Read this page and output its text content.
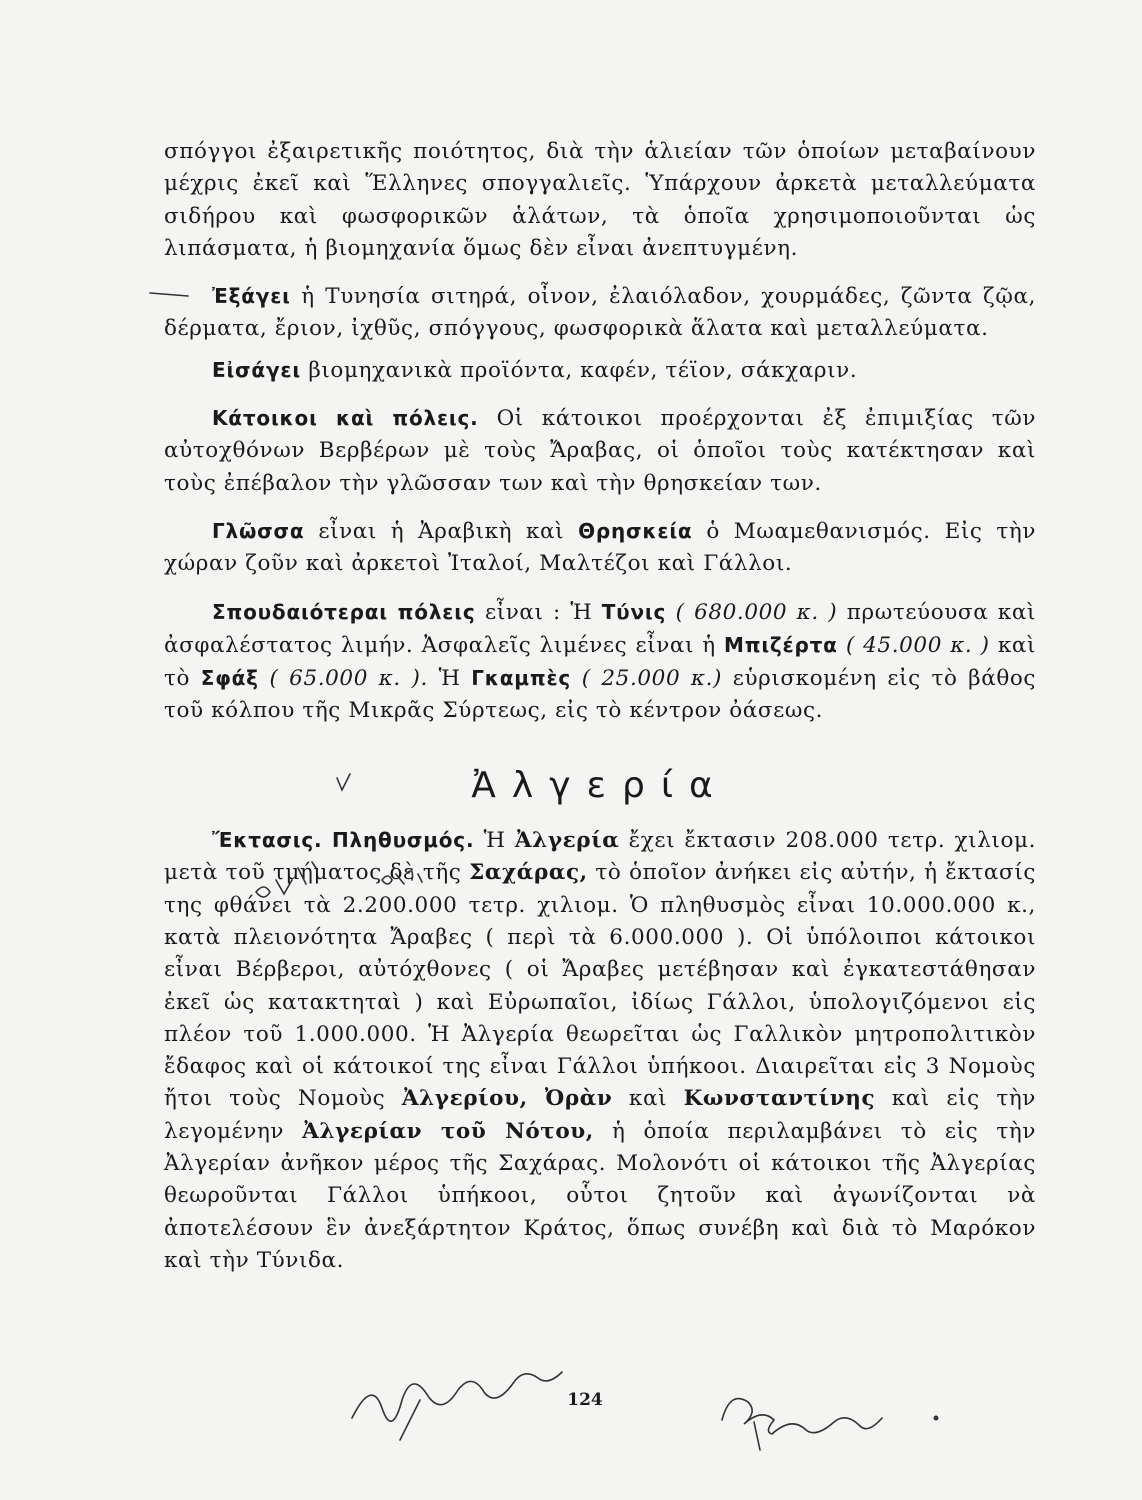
σπόγγοι ἐξαιρετικῆς ποιότητος, διὰ τὴν ἁλιείαν τῶν ὁποίων μεταβαίνουν μέχρις ἐκεῖ καὶ Ἕλληνες σπογγαλιεῖς. Ὑπάρχουν ἀρκετὰ μεταλλεύματα σιδήρου καὶ φωσφορικῶν ἁλάτων, τὰ ὁποῖα χρησιμοποιοῦνται ὡς λιπάσματα, ἡ βιομηχανία ὅμως δὲν εἶναι ἀνεπτυγμένη.

Ἐξάγει ἡ Τυνησία σιτηρά, οἶνον, ἐλαιόλαδον, χουρμάδες, ζῶντα ζῷα, δέρματα, ἔριον, ἰχθῦς, σπόγγους, φωσφορικὰ ἅλατα καὶ μεταλλεύματα.

Εἰσάγει βιομηχανικὰ προϊόντα, καφέν, τέϊον, σάκχαριν.

Κάτοικοι καὶ πόλεις. Οἱ κάτοικοι προέρχονται ἐξ ἐπιμιξίας τῶν αὐτοχθόνων Βερβέρων μὲ τοὺς Ἄραβας, οἱ ὁποῖοι τοὺς κατέκτησαν καὶ τοὺς ἐπέβαλον τὴν γλῶσσαν των καὶ τὴν θρησκείαν των.

Γλῶσσα εἶναι ἡ Ἀραβικὴ καὶ Θρησκεία ὁ Μωαμεθανισμός. Εἰς τὴν χώραν ζοῦν καὶ ἀρκετοὶ Ἰταλοί, Μαλτέζοι καὶ Γάλλοι.

Σπουδαιότεραι πόλεις εἶναι : Ἡ Τύνις ( 680.000 κ. ) πρωτεύουσα καὶ ἀσφαλέστατος λιμήν. Ἀσφαλεῖς λιμένες εἶναι ἡ Μπιζέρτα ( 45.000 κ. ) καὶ τὸ Σφάξ ( 65.000 κ. ). Ἡ Γκαμπὲς ( 25.000 κ.) εὑρισκομένη εἰς τὸ βάθος τοῦ κόλπου τῆς Μικρᾶς Σύρτεως, εἰς τὸ κέντρον ὀάσεως.

Ἀλγερία

Ἔκτασις. Πληθυσμός. Ἡ Ἀλγερία ἔχει ἔκτασιν 208.000 τετρ. χιλιομ. μετὰ τοῦ τμήματος δὲ τῆς Σαχάρας, τὸ ὁποῖον ἀνήκει εἰς αὐτήν, ἡ ἔκτασίς της φθάνει τὰ 2.200.000 τετρ. χιλιομ. Ὁ πληθυσμὸς εἶναι 10.000.000 κ., κατὰ πλειονότητα Ἄραβες ( περὶ τὰ 6.000.000 ). Οἱ ὑπόλοιποι κάτοικοι εἶναι Βέρβεροι, αὐτόχθονες ( οἱ Ἄραβες μετέβησαν καὶ ἐγκατεστάθησαν ἐκεῖ ὡς κατακτηταὶ ) καὶ Εὐρωπαῖοι, ἰδίως Γάλλοι, ὑπολογιζόμενοι εἰς πλέον τοῦ 1.000.000. Ἡ Ἀλγερία θεωρεῖται ὡς Γαλλικὸν μητροπολιτικὸν ἔδαφος καὶ οἱ κάτοικοί της εἶναι Γάλλοι ὑπήκοοι. Διαιρεῖται εἰς 3 Νομοὺς ἤτοι τοὺς Νομοὺς Ἀλγερίου, Ὀρὰν καὶ Κωνσταντίνης καὶ εἰς τὴν λεγομένην Ἀλγερίαν τοῦ Νότου, ἡ ὁποία περιλαμβάνει τὸ εἰς τὴν Ἀλγερίαν ἀνῆκον μέρος τῆς Σαχάρας. Μολονότι οἱ κάτοικοι τῆς Ἀλγερίας θεωροῦνται Γάλλοι ὑπήκοοι, οὗτοι ζητοῦν καὶ ἀγωνίζονται νὰ ἀποτελέσουν ἓν ἀνεξάρτητον Κράτος, ὅπως συνέβη καὶ διὰ τὸ Μαρόκον καὶ τὴν Τύνιδα.

124
